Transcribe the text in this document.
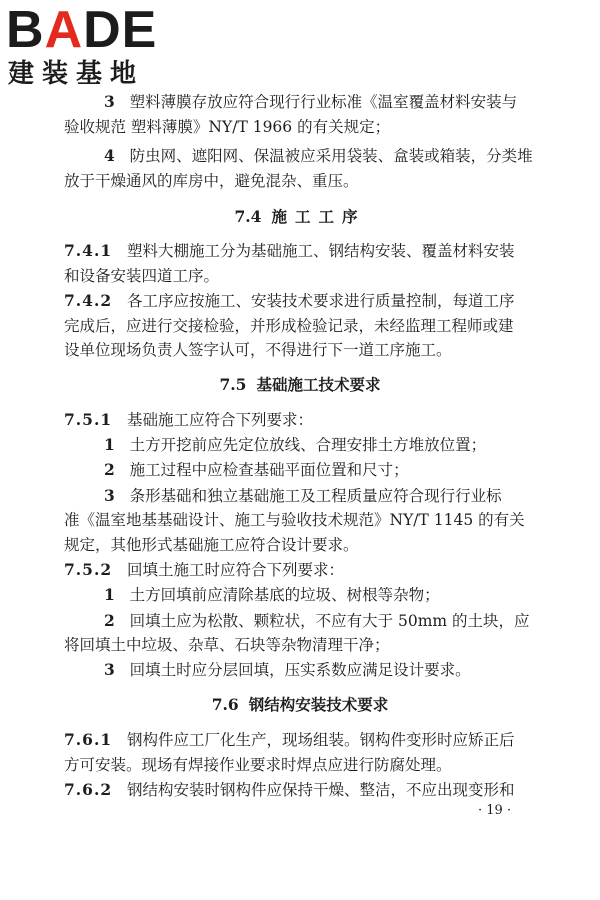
BADE
建装基地
3 塑料薄膜存放应符合现行行业标准《温室覆盖材料安装与
验收规范 塑料薄膜》NY/T 1966 的有关规定；
4 防虫网、遮阳网、保温被应采用袋装、盒装或箱装，分类堆
放于干燥通风的库房中，避免混杂、重压。
7.4 施工工序
7.4.1 塑料大棚施工分为基础施工、钢结构安装、覆盖材料安装
和设备安装四道工序。
7.4.2 各工序应按施工、安装技术要求进行质量控制，每道工序
完成后，应进行交接检验，并形成检验记录，未经监理工程师或建
设单位现场负责人签字认可，不得进行下一道工序施工。
7.5 基础施工技术要求
7.5.1 基础施工应符合下列要求：
1 土方开挖前应先定位放线、合理安排土方堆放位置；
2 施工过程中应检查基础平面位置和尺寸；
3 条形基础和独立基础施工及工程质量应符合现行行业标
准《温室地基基础设计、施工与验收技术规范》NY/T 1145 的有关
规定，其他形式基础施工应符合设计要求。
7.5.2 回填土施工时应符合下列要求：
1 土方回填前应清除基底的垃圾、树根等杂物；
2 回填土应为松散、颗粒状，不应有大于 50mm 的土块，应
将回填土中垃圾、杂草、石块等杂物清理干净；
3 回填土时应分层回填，压实系数应满足设计要求。
7.6 钢结构安装技术要求
7.6.1 钢构件应工厂化生产，现场组装。钢构件变形时应矫正后
方可安装。现场有焊接作业要求时焊点应进行防腐处理。
7.6.2 钢结构安装时钢构件应保持干燥、整洁，不应出现变形和
· 19 ·
